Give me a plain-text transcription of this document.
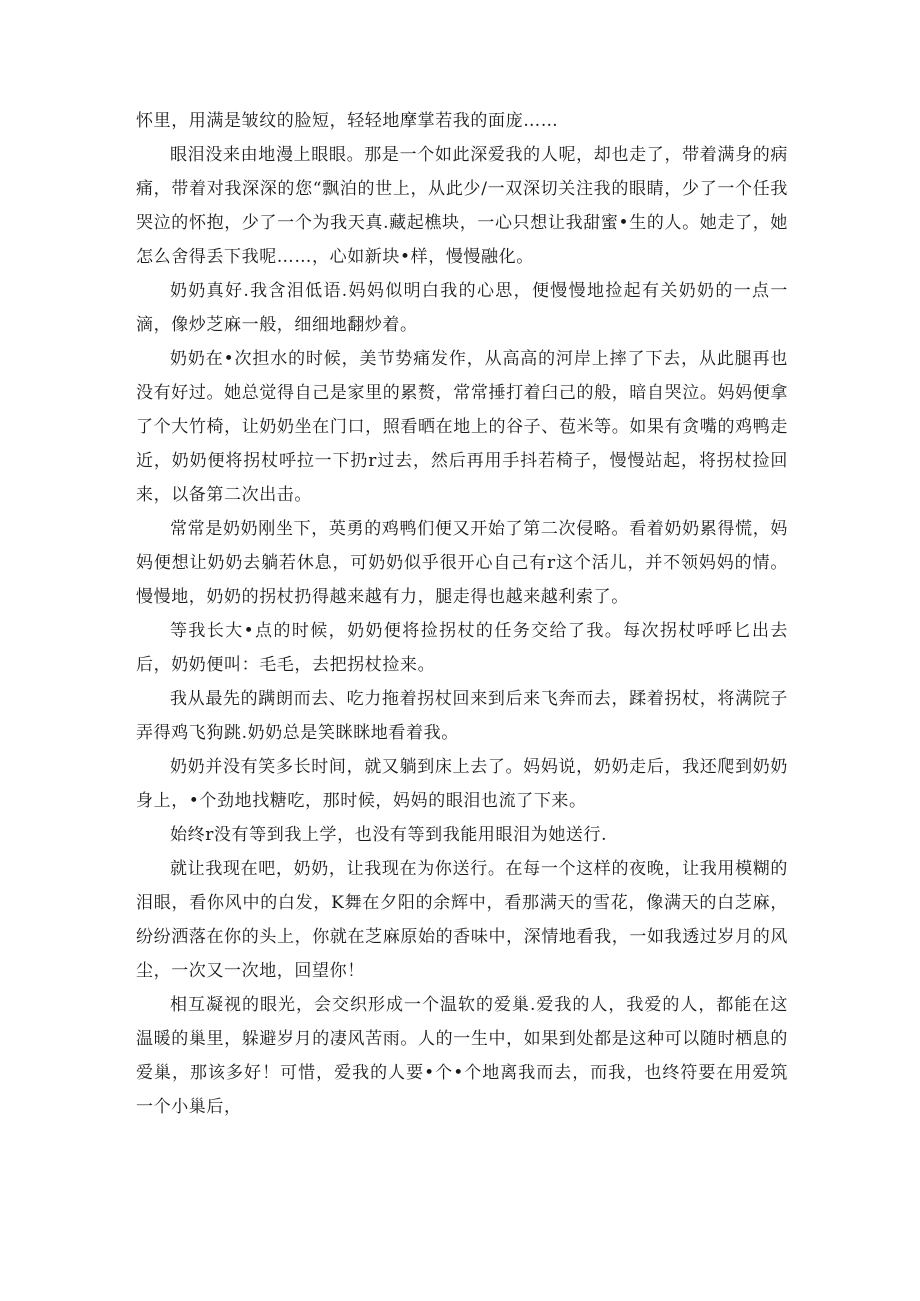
怀里，用满是皱纹的脸短，轻轻地摩掌若我的面庞……

眼泪没来由地漫上眼眼。那是一个如此深爱我的人呢，却也走了，带着满身的病痛，带着对我深深的您“飘泊的世上，从此少/一双深切关注我的眼睛，少了一个任我哭泣的怀抱，少了一个为我天真.藏起樵块，一心只想让我甜蜜•生的人。她走了，她怎么舍得丢下我呢……，心如新块•样，慢慢融化。

奶奶真好.我含泪低语.妈妈似明白我的心思，便慢慢地捡起有关奶奶的一点一滴，像炒芝麻一般，细细地翻炒着。

奶奶在•次担水的时候，美节势痛发作，从高高的河岸上摔了下去，从此腿再也没有好过。她总觉得自己是家里的累赘，常常捶打着臼己的般，暗自哭泣。妈妈便拿了个大竹椅，让奶奶坐在门口，照看晒在地上的谷子、苞米等。如果有贪嘴的鸡鸭走近，奶奶便将拐杖呼拉一下扔r过去，然后再用手抖若椅子，慢慢站起，将拐杖捡回来，以备第二次出击。

常常是奶奶刚坐下，英勇的鸡鸭们便又开始了第二次侵略。看着奶奶累得慌，妈妈便想让奶奶去躺若休息，可奶奶似乎很开心自己有r这个活儿，并不领妈妈的情。慢慢地，奶奶的拐杖扔得越来越有力，腿走得也越来越利索了。

等我长大•点的时候，奶奶便将捡拐杖的任务交给了我。每次拐杖呼呼匕出去后，奶奶便叫：毛毛，去把拐杖捡来。

我从最先的蹒朗而去、吃力拖着拐杖回来到后来飞奔而去，蹂着拐杖，将满院子弄得鸡飞狗跳.奶奶总是笑眯眯地看着我。

奶奶并没有笑多长时间，就又躺到床上去了。妈妈说，奶奶走后，我还爬到奶奶身上，•个劲地找糖吃，那时候，妈妈的眼泪也流了下来。

始终r没有等到我上学，也没有等到我能用眼泪为她送行.

就让我现在吧，奶奶，让我现在为你送行。在每一个这样的夜晚，让我用模糊的泪眼，看你风中的白发，K舞在夕阳的余辉中，看那满天的雪花，像满天的白芝麻，纷纷洒落在你的头上，你就在芝麻原始的香味中，深情地看我，一如我透过岁月的风尘，一次又一次地，回望你！

相互凝视的眼光，会交织形成一个温软的爱巢.爱我的人，我爱的人，都能在这温暖的巢里，躲避岁月的凄风苦雨。人的一生中，如果到处都是这种可以随时栖息的爱巢，那该多好！可惜，爱我的人要•个•个地离我而去，而我，也终符要在用爱筑一个小巢后，
